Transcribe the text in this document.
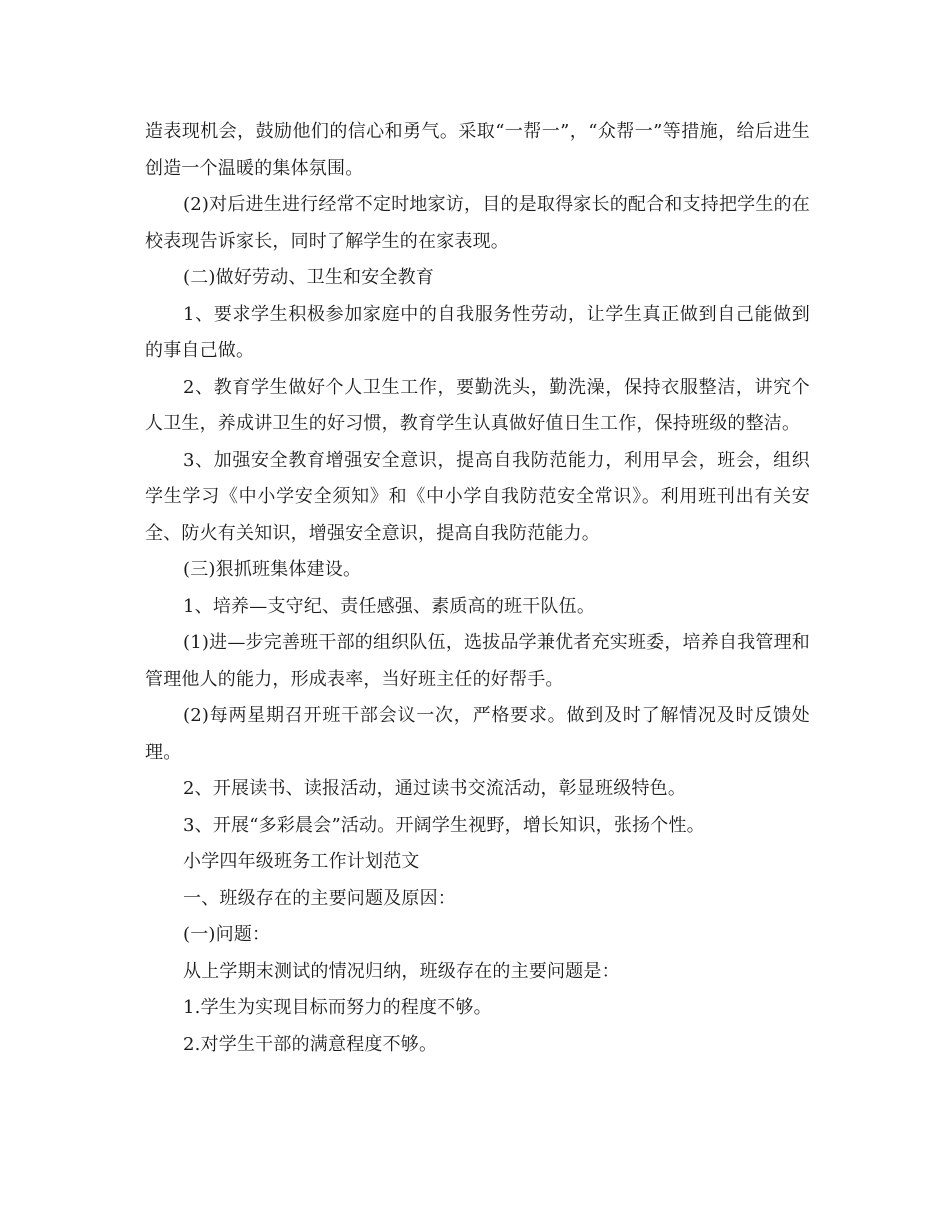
造表现机会，鼓励他们的信心和勇气。采取“一帮一”，“众帮一”等措施，给后进生创造一个温暖的集体氛围。

(2)对后进生进行经常不定时地家访，目的是取得家长的配合和支持把学生的在校表现告诉家长，同时了解学生的在家表现。

(二)做好劳动、卫生和安全教育

1、要求学生积极参加家庭中的自我服务性劳动，让学生真正做到自己能做到的事自己做。

2、教育学生做好个人卫生工作，要勤洗头，勤洗澡，保持衣服整洁，讲究个人卫生，养成讲卫生的好习惯，教育学生认真做好值日生工作，保持班级的整洁。

3、加强安全教育增强安全意识，提高自我防范能力，利用早会，班会，组织学生学习《中小学安全须知》和《中小学自我防范安全常识》。利用班刊出有关安全、防火有关知识，增强安全意识，提高自我防范能力。

(三)狠抓班集体建设。

1、培养—支守纪、责任感强、素质高的班干队伍。

(1)进—步完善班干部的组织队伍，选拔品学兼优者充实班委，培养自我管理和管理他人的能力，形成表率，当好班主任的好帮手。

(2)每两星期召开班干部会议一次，严格要求。做到及时了解情况及时反馈处理。

2、开展读书、读报活动，通过读书交流活动，彰显班级特色。

3、开展“多彩晨会”活动。开阔学生视野，增长知识，张扬个性。

小学四年级班务工作计划范文

一、班级存在的主要问题及原因：

(一)问题：

从上学期末测试的情况归纳，班级存在的主要问题是：

1.学生为实现目标而努力的程度不够。

2.对学生干部的满意程度不够。
